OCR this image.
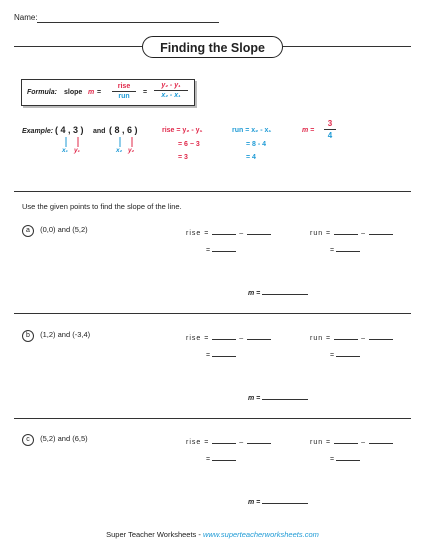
Name:
Finding the Slope
Formula: slope m =
rise
run
=
y₂ - y₁
x₂ - x₁
Example: ( 4 , 3 ) and ( 8 , 6 )
x₁ y₁	x₂ y₂
rise = y₂ - y₁
= 6 − 3
= 3
run = x₂ - x₁
= 8 - 4
= 4
m =
3
4
Use the given points to find the slope of the line.
a (0,0) and (5,2)	rise =	–
=
run =	–
=
m =
b (1,2) and (-3,4)	rise =	–
=
run =	–
=
m =
c (5,2) and (6,5)	rise =	–
=
run =	–
=
m =
Super Teacher Worksheets - www.superteacherworksheets.com
